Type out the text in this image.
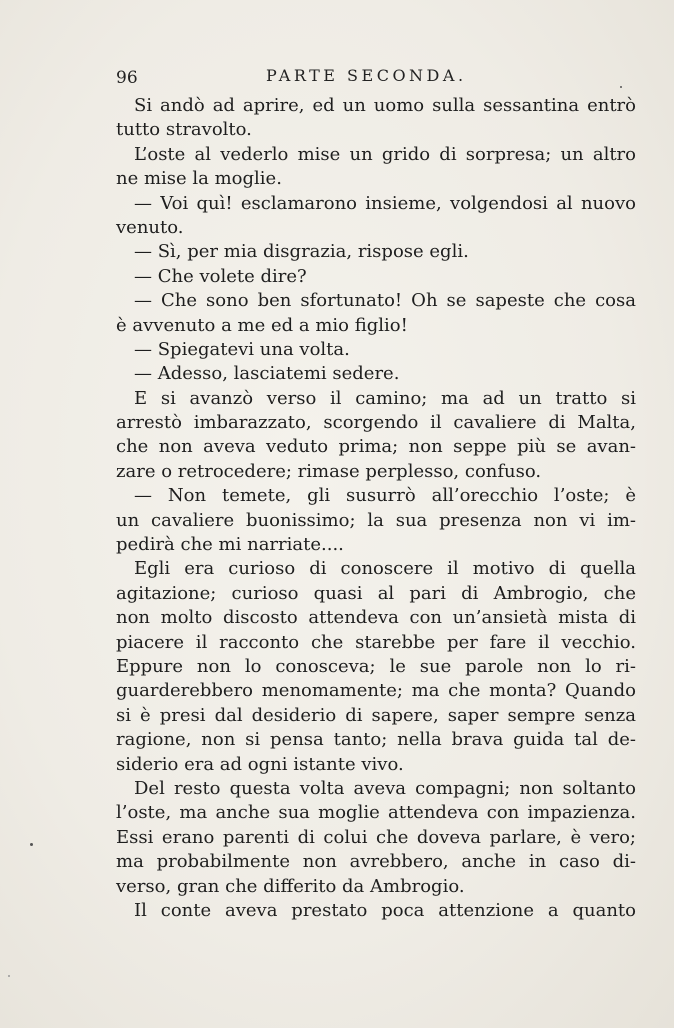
96	PARTE SECONDA.
Si andò ad aprire, ed un uomo sulla sessantina entrò
tutto stravolto.
L’oste al vederlo mise un grido di sorpresa; un altro
ne mise la moglie.
— Voi quì! esclamarono insieme, volgendosi al nuovo
venuto.
— Sì, per mia disgrazia, rispose egli.
— Che volete dire?
— Che sono ben sfortunato! Oh se sapeste che cosa
è avvenuto a me ed a mio figlio!
— Spiegatevi una volta.
— Adesso, lasciatemi sedere.
E si avanzò verso il camino; ma ad un tratto si
arrestò imbarazzato, scorgendo il cavaliere di Malta,
che non aveva veduto prima; non seppe più se avan-
zare o retrocedere; rimase perplesso, confuso.
— Non temete, gli susurrò all’orecchio l’oste; è
un cavaliere buonissimo; la sua presenza non vi im-
pedirà che mi narriate....
Egli era curioso di conoscere il motivo di quella
agitazione; curioso quasi al pari di Ambrogio, che
non molto discosto attendeva con un’ansietà mista di
piacere il racconto che starebbe per fare il vecchio.
Eppure non lo conosceva; le sue parole non lo ri-
guarderebbero menomamente; ma che monta? Quando
si è presi dal desiderio di sapere, saper sempre senza
ragione, non si pensa tanto; nella brava guida tal de-
siderio era ad ogni istante vivo.
Del resto questa volta aveva compagni; non soltanto
l’oste, ma anche sua moglie attendeva con impazienza.
Essi erano parenti di colui che doveva parlare, è vero;
ma probabilmente non avrebbero, anche in caso di-
verso, gran che differito da Ambrogio.
Il conte aveva prestato poca attenzione a quanto
